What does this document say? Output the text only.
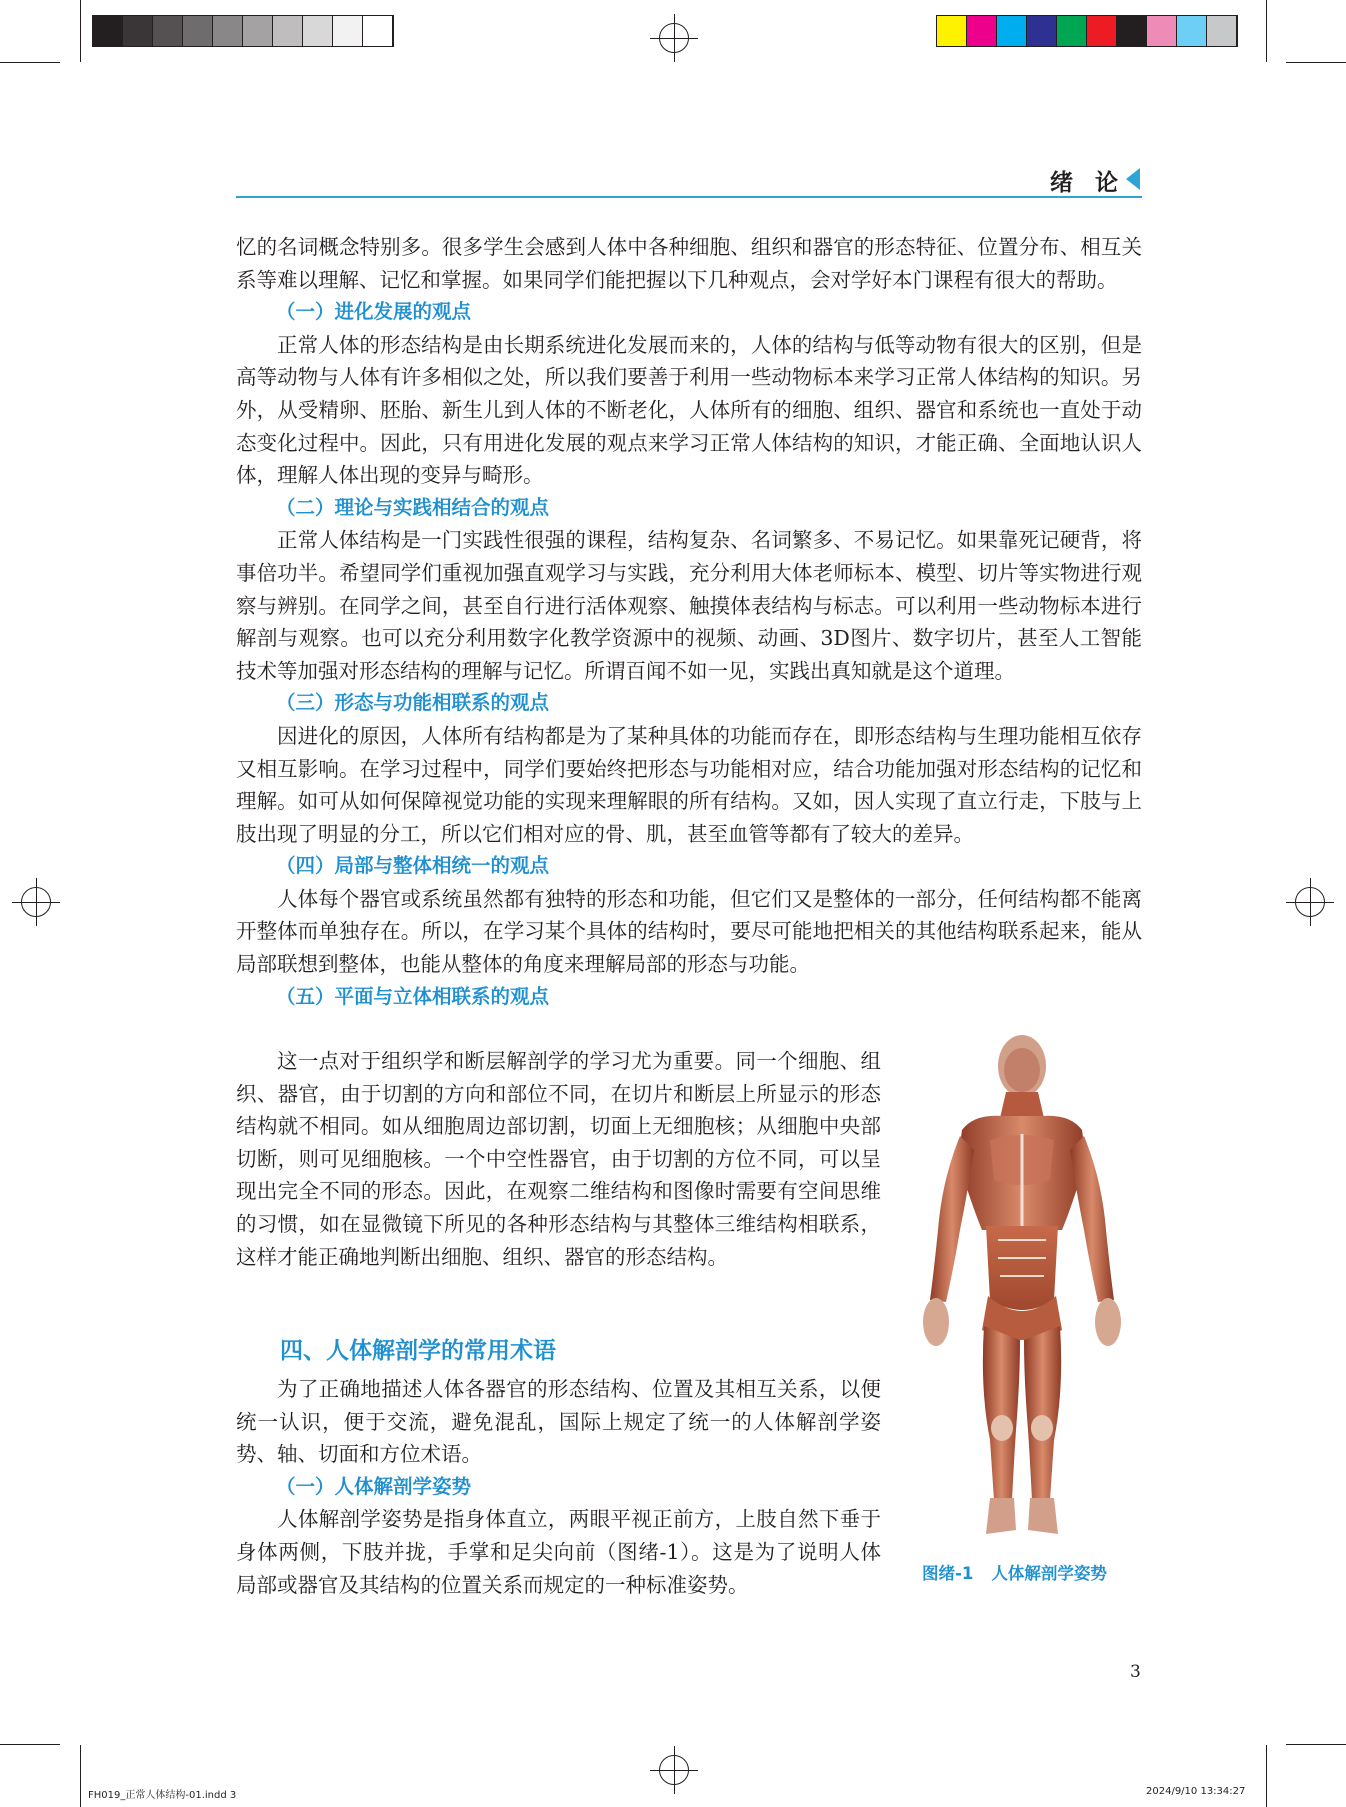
绪论

忆的名词概念特别多。很多学生会感到人体中各种细胞、组织和器官的形态特征、位置分布、相互关系等难以理解、记忆和掌握。如果同学们能把握以下几种观点，会对学好本门课程有很大的帮助。

（一）进化发展的观点

正常人体的形态结构是由长期系统进化发展而来的，人体的结构与低等动物有很大的区别，但是高等动物与人体有许多相似之处，所以我们要善于利用一些动物标本来学习正常人体结构的知识。另外，从受精卵、胚胎、新生儿到人体的不断老化，人体所有的细胞、组织、器官和系统也一直处于动态变化过程中。因此，只有用进化发展的观点来学习正常人体结构的知识，才能正确、全面地认识人体，理解人体出现的变异与畸形。

（二）理论与实践相结合的观点

正常人体结构是一门实践性很强的课程，结构复杂、名词繁多、不易记忆。如果靠死记硬背，将事倍功半。希望同学们重视加强直观学习与实践，充分利用大体老师标本、模型、切片等实物进行观察与辨别。在同学之间，甚至自行进行活体观察、触摸体表结构与标志。可以利用一些动物标本进行解剖与观察。也可以充分利用数字化教学资源中的视频、动画、3D图片、数字切片，甚至人工智能技术等加强对形态结构的理解与记忆。所谓百闻不如一见，实践出真知就是这个道理。

（三）形态与功能相联系的观点

因进化的原因，人体所有结构都是为了某种具体的功能而存在，即形态结构与生理功能相互依存又相互影响。在学习过程中，同学们要始终把形态与功能相对应，结合功能加强对形态结构的记忆和理解。如可从如何保障视觉功能的实现来理解眼的所有结构。又如，因人实现了直立行走，下肢与上肢出现了明显的分工，所以它们相对应的骨、肌，甚至血管等都有了较大的差异。

（四）局部与整体相统一的观点

人体每个器官或系统虽然都有独特的形态和功能，但它们又是整体的一部分，任何结构都不能离开整体而单独存在。所以，在学习某个具体的结构时，要尽可能地把相关的其他结构联系起来，能从局部联想到整体，也能从整体的角度来理解局部的形态与功能。

（五）平面与立体相联系的观点

这一点对于组织学和断层解剖学的学习尤为重要。同一个细胞、组织、器官，由于切割的方向和部位不同，在切片和断层上所显示的形态结构就不相同。如从细胞周边部切割，切面上无细胞核；从细胞中央部切断，则可见细胞核。一个中空性器官，由于切割的方位不同，可以呈现出完全不同的形态。因此，在观察二维结构和图像时需要有空间思维的习惯，如在显微镜下所见的各种形态结构与其整体三维结构相联系，这样才能正确地判断出细胞、组织、器官的形态结构。

四、人体解剖学的常用术语

为了正确地描述人体各器官的形态结构、位置及其相互关系，以便统一认识，便于交流，避免混乱，国际上规定了统一的人体解剖学姿势、轴、切面和方位术语。

（一）人体解剖学姿势

人体解剖学姿势是指身体直立，两眼平视正前方，上肢自然下垂于身体两侧，下肢并拢，手掌和足尖向前（图绪-1）。这是为了说明人体局部或器官及其结构的位置关系而规定的一种标准姿势。	图绪-1 人体解剖学姿势
3
FH019_正常人体结构-01.indd 3	2024/9/10 13:34:27
